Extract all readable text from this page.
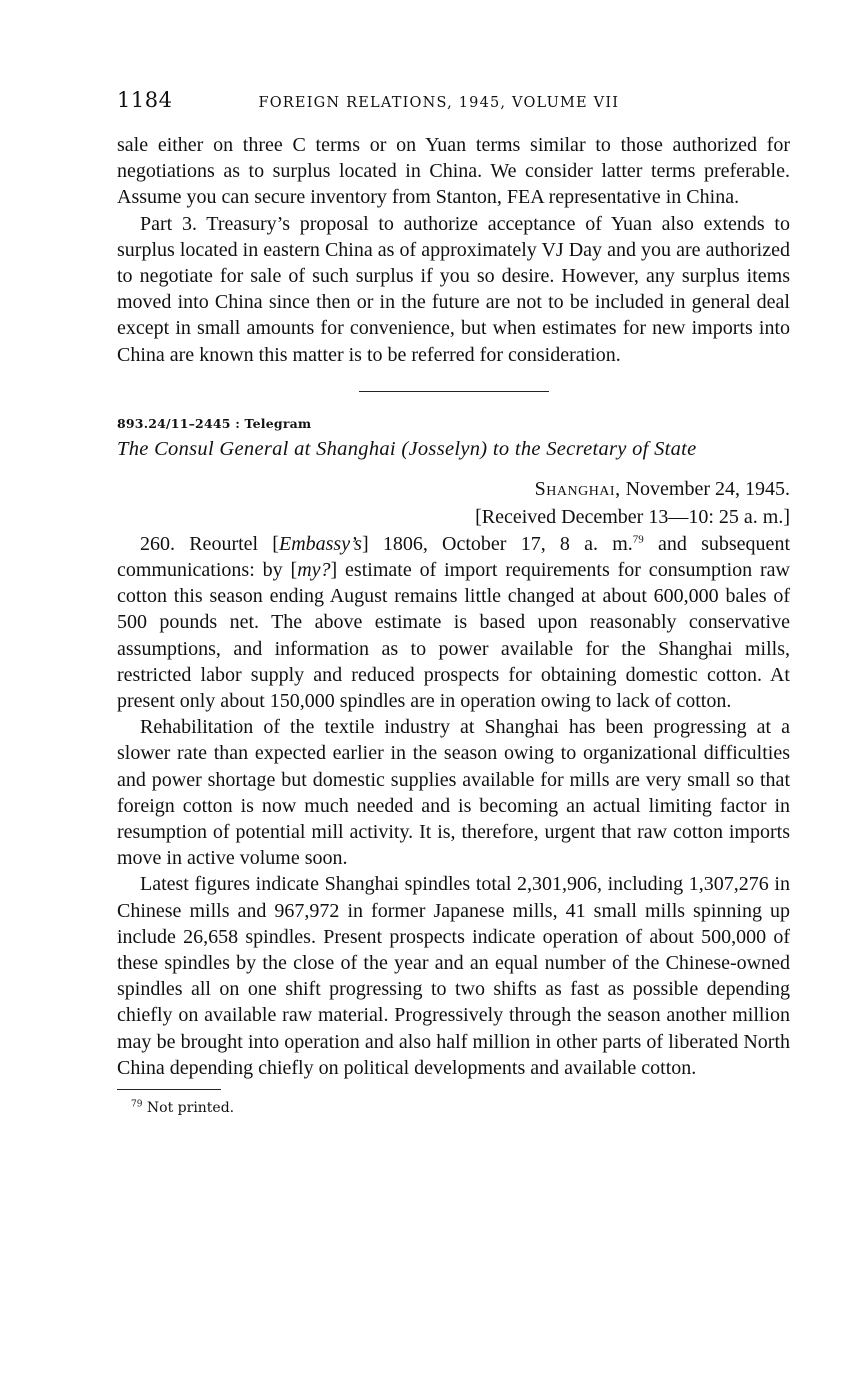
1184	FOREIGN RELATIONS, 1945, VOLUME VII

sale either on three C terms or on Yuan terms similar to those authorized for negotiations as to surplus located in China. We consider latter terms preferable. Assume you can secure inventory from Stanton, FEA representative in China.

Part 3. Treasury’s proposal to authorize acceptance of Yuan also extends to surplus located in eastern China as of approximately VJ Day and you are authorized to negotiate for sale of such surplus if you so desire. However, any surplus items moved into China since then or in the future are not to be included in general deal except in small amounts for convenience, but when estimates for new imports into China are known this matter is to be referred for consideration.

893.24/11–2445 : Telegram
The Consul General at Shanghai (Josselyn) to the Secretary of State
Shanghai, November 24, 1945.
[Received December 13—10: 25 a. m.]

260. Reourtel [Embassy’s] 1806, October 17, 8 a. m.$^{79}$ and subsequent communications: by [my?] estimate of import requirements for consumption raw cotton this season ending August remains little changed at about 600,000 bales of 500 pounds net. The above estimate is based upon reasonably conservative assumptions, and information as to power available for the Shanghai mills, restricted labor supply and reduced prospects for obtaining domestic cotton. At present only about 150,000 spindles are in operation owing to lack of cotton.

Rehabilitation of the textile industry at Shanghai has been progressing at a slower rate than expected earlier in the season owing to organizational difficulties and power shortage but domestic supplies available for mills are very small so that foreign cotton is now much needed and is becoming an actual limiting factor in resumption of potential mill activity. It is, therefore, urgent that raw cotton imports move in active volume soon.

Latest figures indicate Shanghai spindles total 2,301,906, including 1,307,276 in Chinese mills and 967,972 in former Japanese mills, 41 small mills spinning up include 26,658 spindles. Present prospects indicate operation of about 500,000 of these spindles by the close of the year and an equal number of the Chinese-owned spindles all on one shift progressing to two shifts as fast as possible depending chiefly on available raw material. Progressively through the season another million may be brought into operation and also half million in other parts of liberated North China depending chiefly on political developments and available cotton.

$^{79}$ Not printed.
